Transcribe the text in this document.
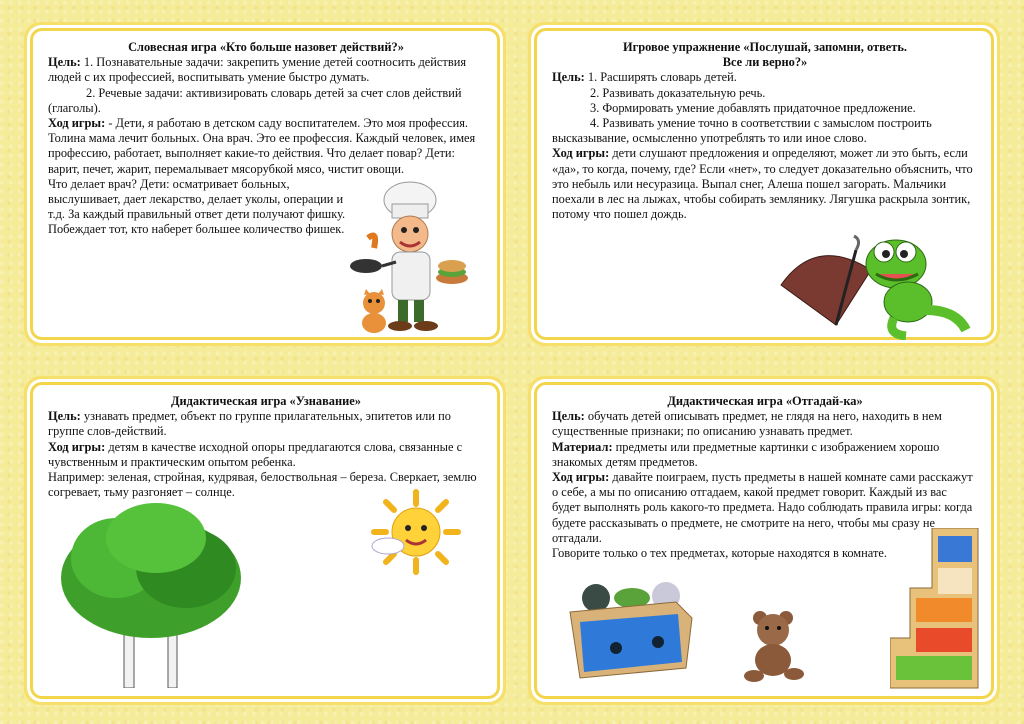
Словесная игра «Кто больше назовет действий?»

Цель: 1. Познавательные задачи: закрепить умение детей соотносить действия людей с их профессией, воспитывать умение быстро думать.

2. Речевые задачи: активизировать словарь детей за счет слов действий (глаголы).

Ход игры: - Дети, я работаю в детском саду воспитателем. Это моя профессия. Толина мама лечит больных. Она врач. Это ее профессия. Каждый человек, имея профессию, работает, выполняет какие-то действия. Что делает повар? Дети: варит, печет, жарит, перемалывает мясорубкой мясо, чистит овощи.

Что делает врач? Дети: осматривает больных, выслушивает, дает лекарство, делает уколы, операции и т.д. За каждый правильный ответ дети получают фишку. Побеждает тот, кто наберет большее количество фишек.

Игровое упражнение «Послушай, запомни, ответь.
Все ли верно?»

Цель: 1. Расширять словарь детей.

2. Развивать доказательную речь.

3. Формировать умение добавлять придаточное предложение.

4. Развивать умение точно в соответствии с замыслом построить высказывание, осмысленно употреблять то или иное слово.

Ход игры: дети слушают предложения и определяют, может ли это быть, если «да», то когда, почему, где? Если «нет», то следует доказательно объяснить, что это небыль или несуразица. Выпал снег, Алеша пошел загорать. Мальчики поехали в лес на лыжах, чтобы собирать землянику. Лягушка раскрыла зонтик, потому что пошел дождь.

Дидактическая игра «Узнавание»

Цель: узнавать предмет, объект по группе прилагательных, эпитетов или по группе слов-действий.

Ход игры: детям в качестве исходной опоры предлагаются слова, связанные с чувственным и практическим опытом ребенка.

Например: зеленая, стройная, кудрявая, белоствольная – береза. Сверкает, землю согревает, тьму разгоняет – солнце.

Дидактическая игра «Отгадай-ка»

Цель: обучать детей описывать предмет, не глядя на него, находить в нем существенные признаки; по описанию узнавать предмет.

Материал: предметы или предметные картинки с изображением хорошо знакомых детям предметов.

Ход игры: давайте поиграем, пусть предметы в нашей комнате сами расскажут о себе, а мы по описанию отгадаем, какой предмет говорит. Каждый из вас будет выполнять роль какого-то предмета. Надо соблюдать правила игры: когда будете рассказывать о предмете, не смотрите на него, чтобы мы сразу не отгадали.

Говорите только о тех предметах, которые находятся в комнате.
